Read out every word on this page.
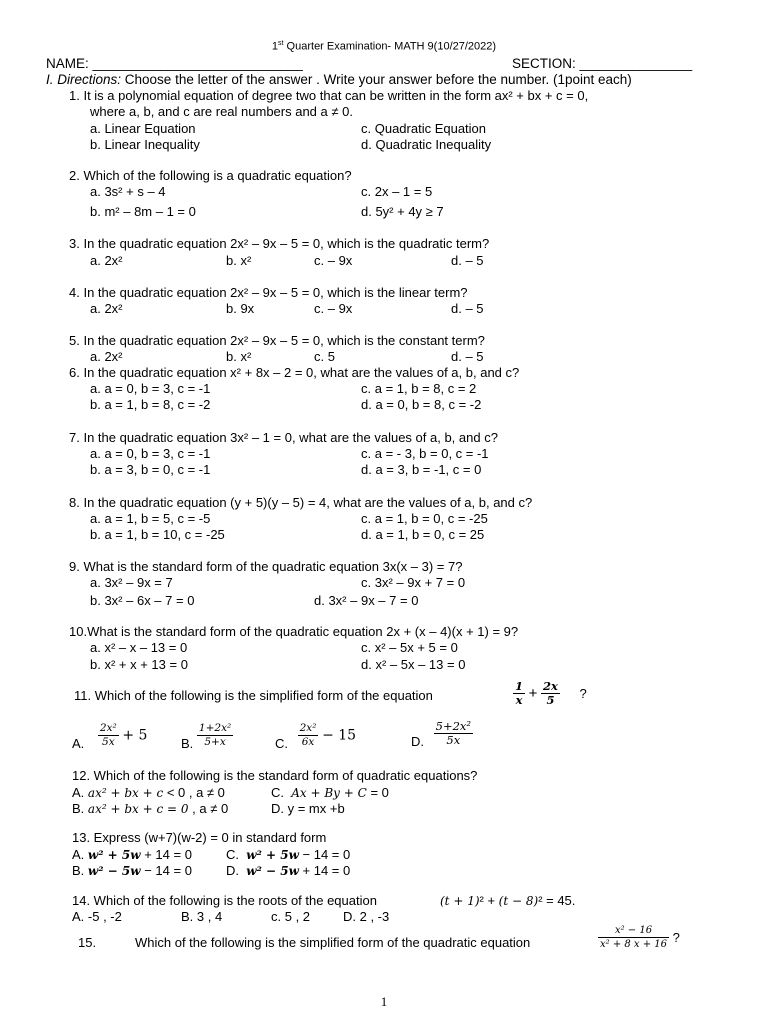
1st Quarter Examination- MATH 9(10/27/2022)
NAME: ____________________________	SECTION: _______________
I. Directions: Choose the letter of the answer . Write your answer before the number. (1point each)
1. It is a polynomial equation of degree two that can be written in the form ax² + bx + c = 0,
where a, b, and c are real numbers and a ≠ 0.
a. Linear Equation	c. Quadratic Equation
b. Linear Inequality	d. Quadratic Inequality
2. Which of the following is a quadratic equation?
a. 3s² + s – 4	c. 2x – 1 = 5
b. m² – 8m – 1 = 0	d. 5y² + 4y ≥ 7
3. In the quadratic equation 2x² – 9x – 5 = 0, which is the quadratic term?
a. 2x²	b. x²	c. – 9x	d. – 5
4. In the quadratic equation 2x² – 9x – 5 = 0, which is the linear term?
a. 2x²	b. 9x	c. – 9x	d. – 5
5. In the quadratic equation 2x² – 9x – 5 = 0, which is the constant term?
a. 2x²	b. x²	c. 5	d. – 5
6. In the quadratic equation x² + 8x – 2 = 0, what are the values of a, b, and c?
a. a = 0, b = 3, c = -1	c. a = 1, b = 8, c = 2
b. a = 1, b = 8, c = -2	d. a = 0, b = 8, c = -2
7. In the quadratic equation 3x² – 1 = 0, what are the values of a, b, and c?
a. a = 0, b = 3, c = -1	c. a = - 3, b = 0, c = -1
b. a = 3, b = 0, c = -1	d. a = 3, b = -1, c = 0
8. In the quadratic equation (y + 5)(y – 5) = 4, what are the values of a, b, and c?
a. a = 1, b = 5, c = -5	c. a = 1, b = 0, c = -25
b. a = 1, b = 10, c = -25	d. a = 1, b = 0, c = 25
9. What is the standard form of the quadratic equation 3x(x – 3) = 7?
a. 3x² – 9x = 7	c. 3x² – 9x + 7 = 0
b. 3x² – 6x – 7 = 0	d. 3x² – 9x – 7 = 0
10.What is the standard form of the quadratic equation 2x + (x – 4)(x + 1) = 9?
a. x² – x – 13 = 0	c. x² – 5x + 5 = 0
b. x² + x + 13 = 0	d. x² – 5x – 13 = 0
11. Which of the following is the simplified form of the equation	$\frac{1}{x} + \frac{2x}{5}$ ?
A. $\frac{\text{2x²}}{5x} + 5$	B. $\frac{\text{1+2x²}}{5+x}$	C. $\frac{\text{2x²}}{6x} - 15$	D. $\frac{\text{5+2x²}}{5x}$
12. Which of the following is the standard form of quadratic equations?
A. ax² + bx + c < 0 , a ≠ 0	C. Ax + By + C = 0
B. ax² + bx + c = 0 , a ≠ 0	D. y = mx +b
13. Express (w+7)(w-2) = 0 in standard form
A. w² + 5w + 14 = 0	C. w² + 5w − 14 = 0
B. w² − 5w − 14 = 0	D. w² − 5w + 14 = 0
14. Which of the following is the roots of the equation	(t + 1)² + (t − 8)² = 45.
A. -5 , -2	B. 3 , 4	c. 5 , 2	D. 2 , -3
15.	Which of the following is the simplified form of the quadratic equation	$\frac{\text{x² − 16}}{\text{x² + 8 x + 16}}$ ?
1
